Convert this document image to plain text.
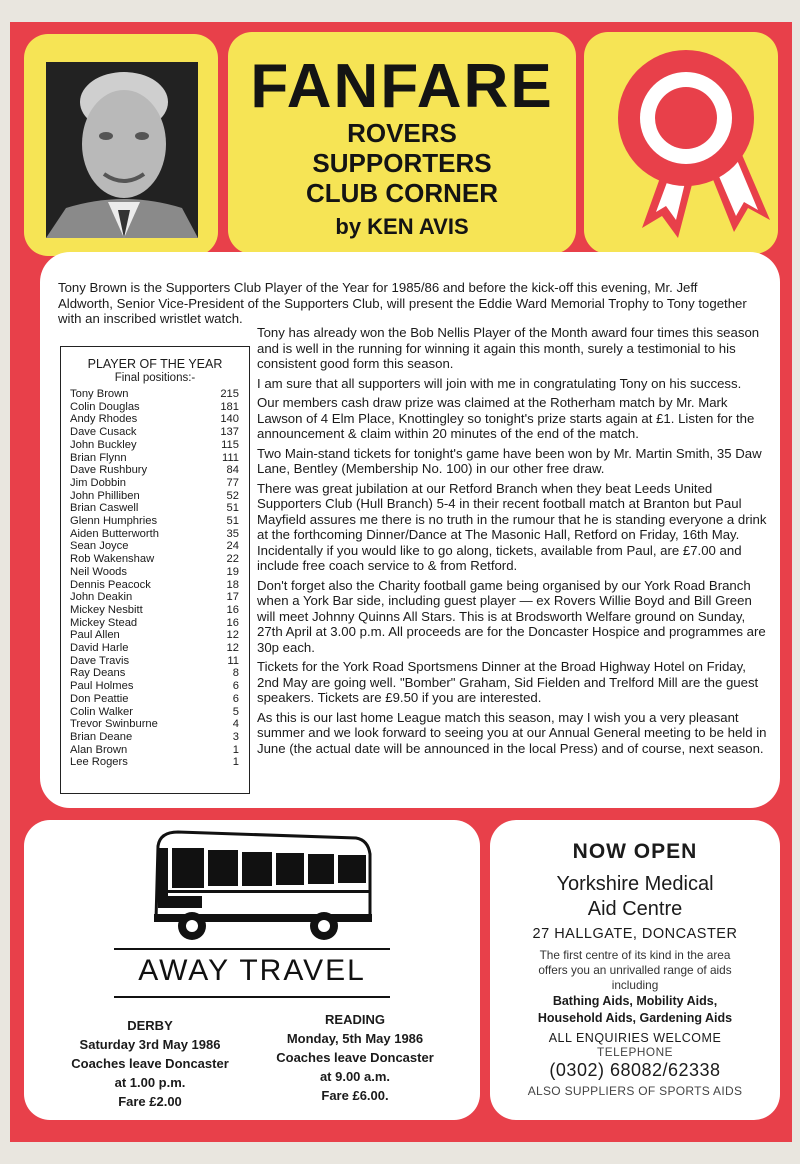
FANFARE
ROVERS
SUPPORTERS
CLUB CORNER
by KEN AVIS
Tony Brown is the Supporters Club Player of the Year for 1985/86 and before the kick-off this evening, Mr. Jeff Aldworth, Senior Vice-President of the Supporters Club, will present the Eddie Ward Memorial Trophy to Tony together with an inscribed wristlet watch.
PLAYER OF THE YEAR
Final positions:-
Tony Brown	215
Colin Douglas	181
Andy Rhodes	140
Dave Cusack	137
John Buckley	115
Brian Flynn	111
Dave Rushbury	84
Jim Dobbin	77
John Philliben	52
Brian Caswell	51
Glenn Humphries	51
Aiden Butterworth	35
Sean Joyce	24
Rob Wakenshaw	22
Neil Woods	19
Dennis Peacock	18
John Deakin	17
Mickey Nesbitt	16
Mickey Stead	16
Paul Allen	12
David Harle	12
Dave Travis	11
Ray Deans	8
Paul Holmes	6
Don Peattie	6
Colin Walker	5
Trevor Swinburne	4
Brian Deane	3
Alan Brown	1
Lee Rogers	1

Tony has already won the Bob Nellis Player of the Month award four times this season and is well in the running for winning it again this month, surely a testimonial to his consistent good form this season.

I am sure that all supporters will join with me in congratulating Tony on his success.

Our members cash draw prize was claimed at the Rotherham match by Mr. Mark Lawson of 4 Elm Place, Knottingley so tonight's prize starts again at £1. Listen for the announcement & claim within 20 minutes of the end of the match.

Two Main-stand tickets for tonight's game have been won by Mr. Martin Smith, 35 Daw Lane, Bentley (Membership No. 100) in our other free draw.

There was great jubilation at our Retford Branch when they beat Leeds United Supporters Club (Hull Branch) 5-4 in their recent football match at Branton but Paul Mayfield assures me there is no truth in the rumour that he is standing everyone a drink at the forthcoming Dinner/Dance at The Masonic Hall, Retford on Friday, 16th May. Incidentally if you would like to go along, tickets, available from Paul, are £7.00 and include free coach service to & from Retford.

Don't forget also the Charity football game being organised by our York Road Branch when a York Bar side, including guest player — ex Rovers Willie Boyd and Bill Green will meet Johnny Quinns All Stars. This is at Brodsworth Welfare ground on Sunday, 27th April at 3.00 p.m. All proceeds are for the Doncaster Hospice and programmes are 30p each.

Tickets for the York Road Sportsmens Dinner at the Broad Highway Hotel on Friday, 2nd May are going well. "Bomber" Graham, Sid Fielden and Trelford Mill are the guest speakers. Tickets are £9.50 if you are interested.

As this is our last home League match this season, may I wish you a very pleasant summer and we look forward to seeing you at our Annual General meeting to be held in June (the actual date will be announced in the local Press) and of course, next season.

AWAY TRAVEL
DERBY
Saturday 3rd May 1986
Coaches leave Doncaster
at 1.00 p.m.
Fare £2.00
READING
Monday, 5th May 1986
Coaches leave Doncaster
at 9.00 a.m.
Fare £6.00.
NOW OPEN
Yorkshire Medical
Aid Centre
27 HALLGATE, DONCASTER
The first centre of its kind in the area
offers you an unrivalled range of aids
including
Bathing Aids, Mobility Aids,
Household Aids, Gardening Aids
ALL ENQUIRIES WELCOME
TELEPHONE
(0302) 68082/62338
ALSO SUPPLIERS OF SPORTS AIDS
